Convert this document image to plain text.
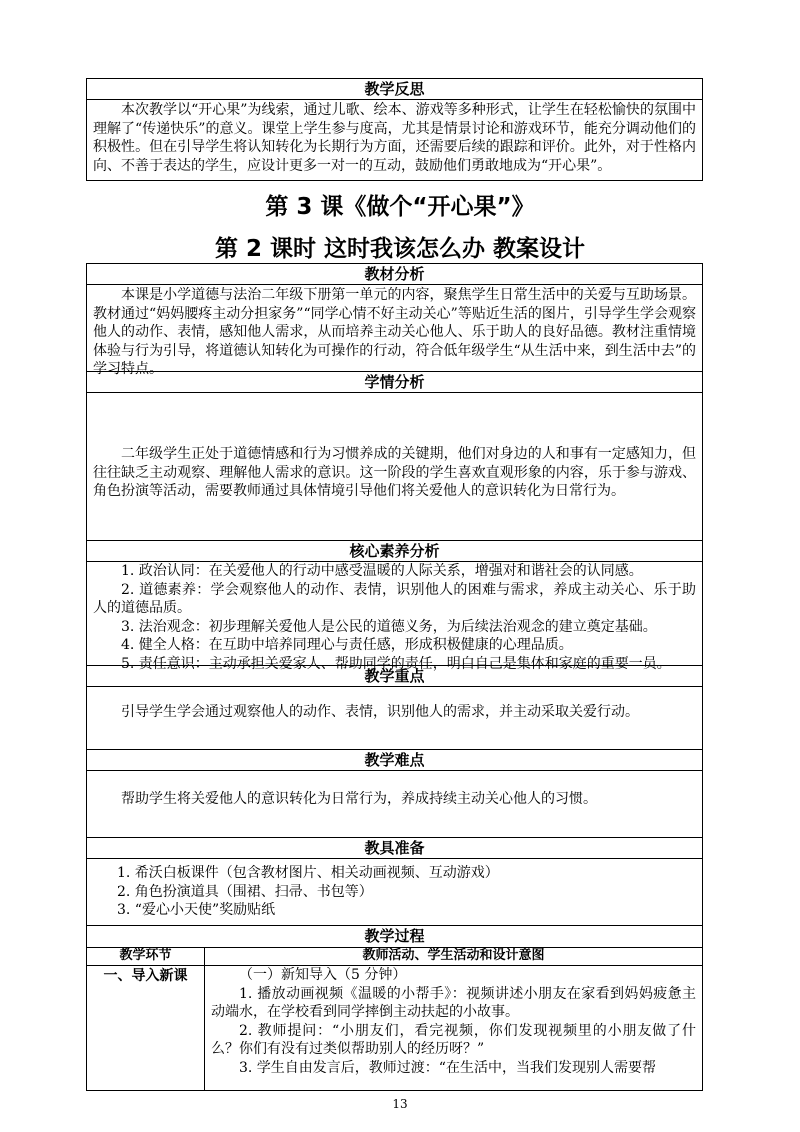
教学反思
本次教学以“开心果”为线索，通过儿歌、绘本、游戏等多种形式，让学生在轻松愉快的氛围中理解了“传递快乐”的意义。课堂上学生参与度高，尤其是情景讨论和游戏环节，能充分调动他们的积极性。但在引导学生将认知转化为长期行为方面，还需要后续的跟踪和评价。此外，对于性格内向、不善于表达的学生，应设计更多一对一的互动，鼓励他们勇敢地成为“开心果”。
第 3 课《做个“开心果”》
第 2 课时 这时我该怎么办 教案设计
教材分析
本课是小学道德与法治二年级下册第一单元的内容，聚焦学生日常生活中的关爱与互助场景。教材通过“妈妈腰疼主动分担家务”“同学心情不好主动关心”等贴近生活的图片，引导学生学会观察他人的动作、表情，感知他人需求，从而培养主动关心他人、乐于助人的良好品德。教材注重情境体验与行为引导，将道德认知转化为可操作的行动，符合低年级学生“从生活中来，到生活中去”的学习特点。
学情分析
二年级学生正处于道德情感和行为习惯养成的关键期，他们对身边的人和事有一定感知力，但往往缺乏主动观察、理解他人需求的意识。这一阶段的学生喜欢直观形象的内容，乐于参与游戏、角色扮演等活动，需要教师通过具体情境引导他们将关爱他人的意识转化为日常行为。
核心素养分析
1. 政治认同：在关爱他人的行动中感受温暖的人际关系，增强对和谐社会的认同感。
2. 道德素养：学会观察他人的动作、表情，识别他人的困难与需求，养成主动关心、乐于助人的道德品质。
3. 法治观念：初步理解关爱他人是公民的道德义务，为后续法治观念的建立奠定基础。
4. 健全人格：在互助中培养同理心与责任感，形成积极健康的心理品质。
5. 责任意识：主动承担关爱家人、帮助同学的责任，明白自己是集体和家庭的重要一员。
教学重点
引导学生学会通过观察他人的动作、表情，识别他人的需求，并主动采取关爱行动。
教学难点
帮助学生将关爱他人的意识转化为日常行为，养成持续主动关心他人的习惯。
教具准备
1. 希沃白板课件（包含教材图片、相关动画视频、互动游戏）
2. 角色扮演道具（围裙、扫帚、书包等）
3. “爱心小天使”奖励贴纸
教学过程
教学环节	教师活动、学生活动和设计意图
一、导入新课	（一）新知导入（5 分钟）
1. 播放动画视频《温暖的小帮手》：视频讲述小朋友在家看到妈妈疲惫主动端水，在学校看到同学摔倒主动扶起的小故事。
2. 教师提问：“小朋友们，看完视频，你们发现视频里的小朋友做了什么？你们有没有过类似帮助别人的经历呀？”
3. 学生自由发言后，教师过渡：“在生活中，当我们发现别人需要帮
13
